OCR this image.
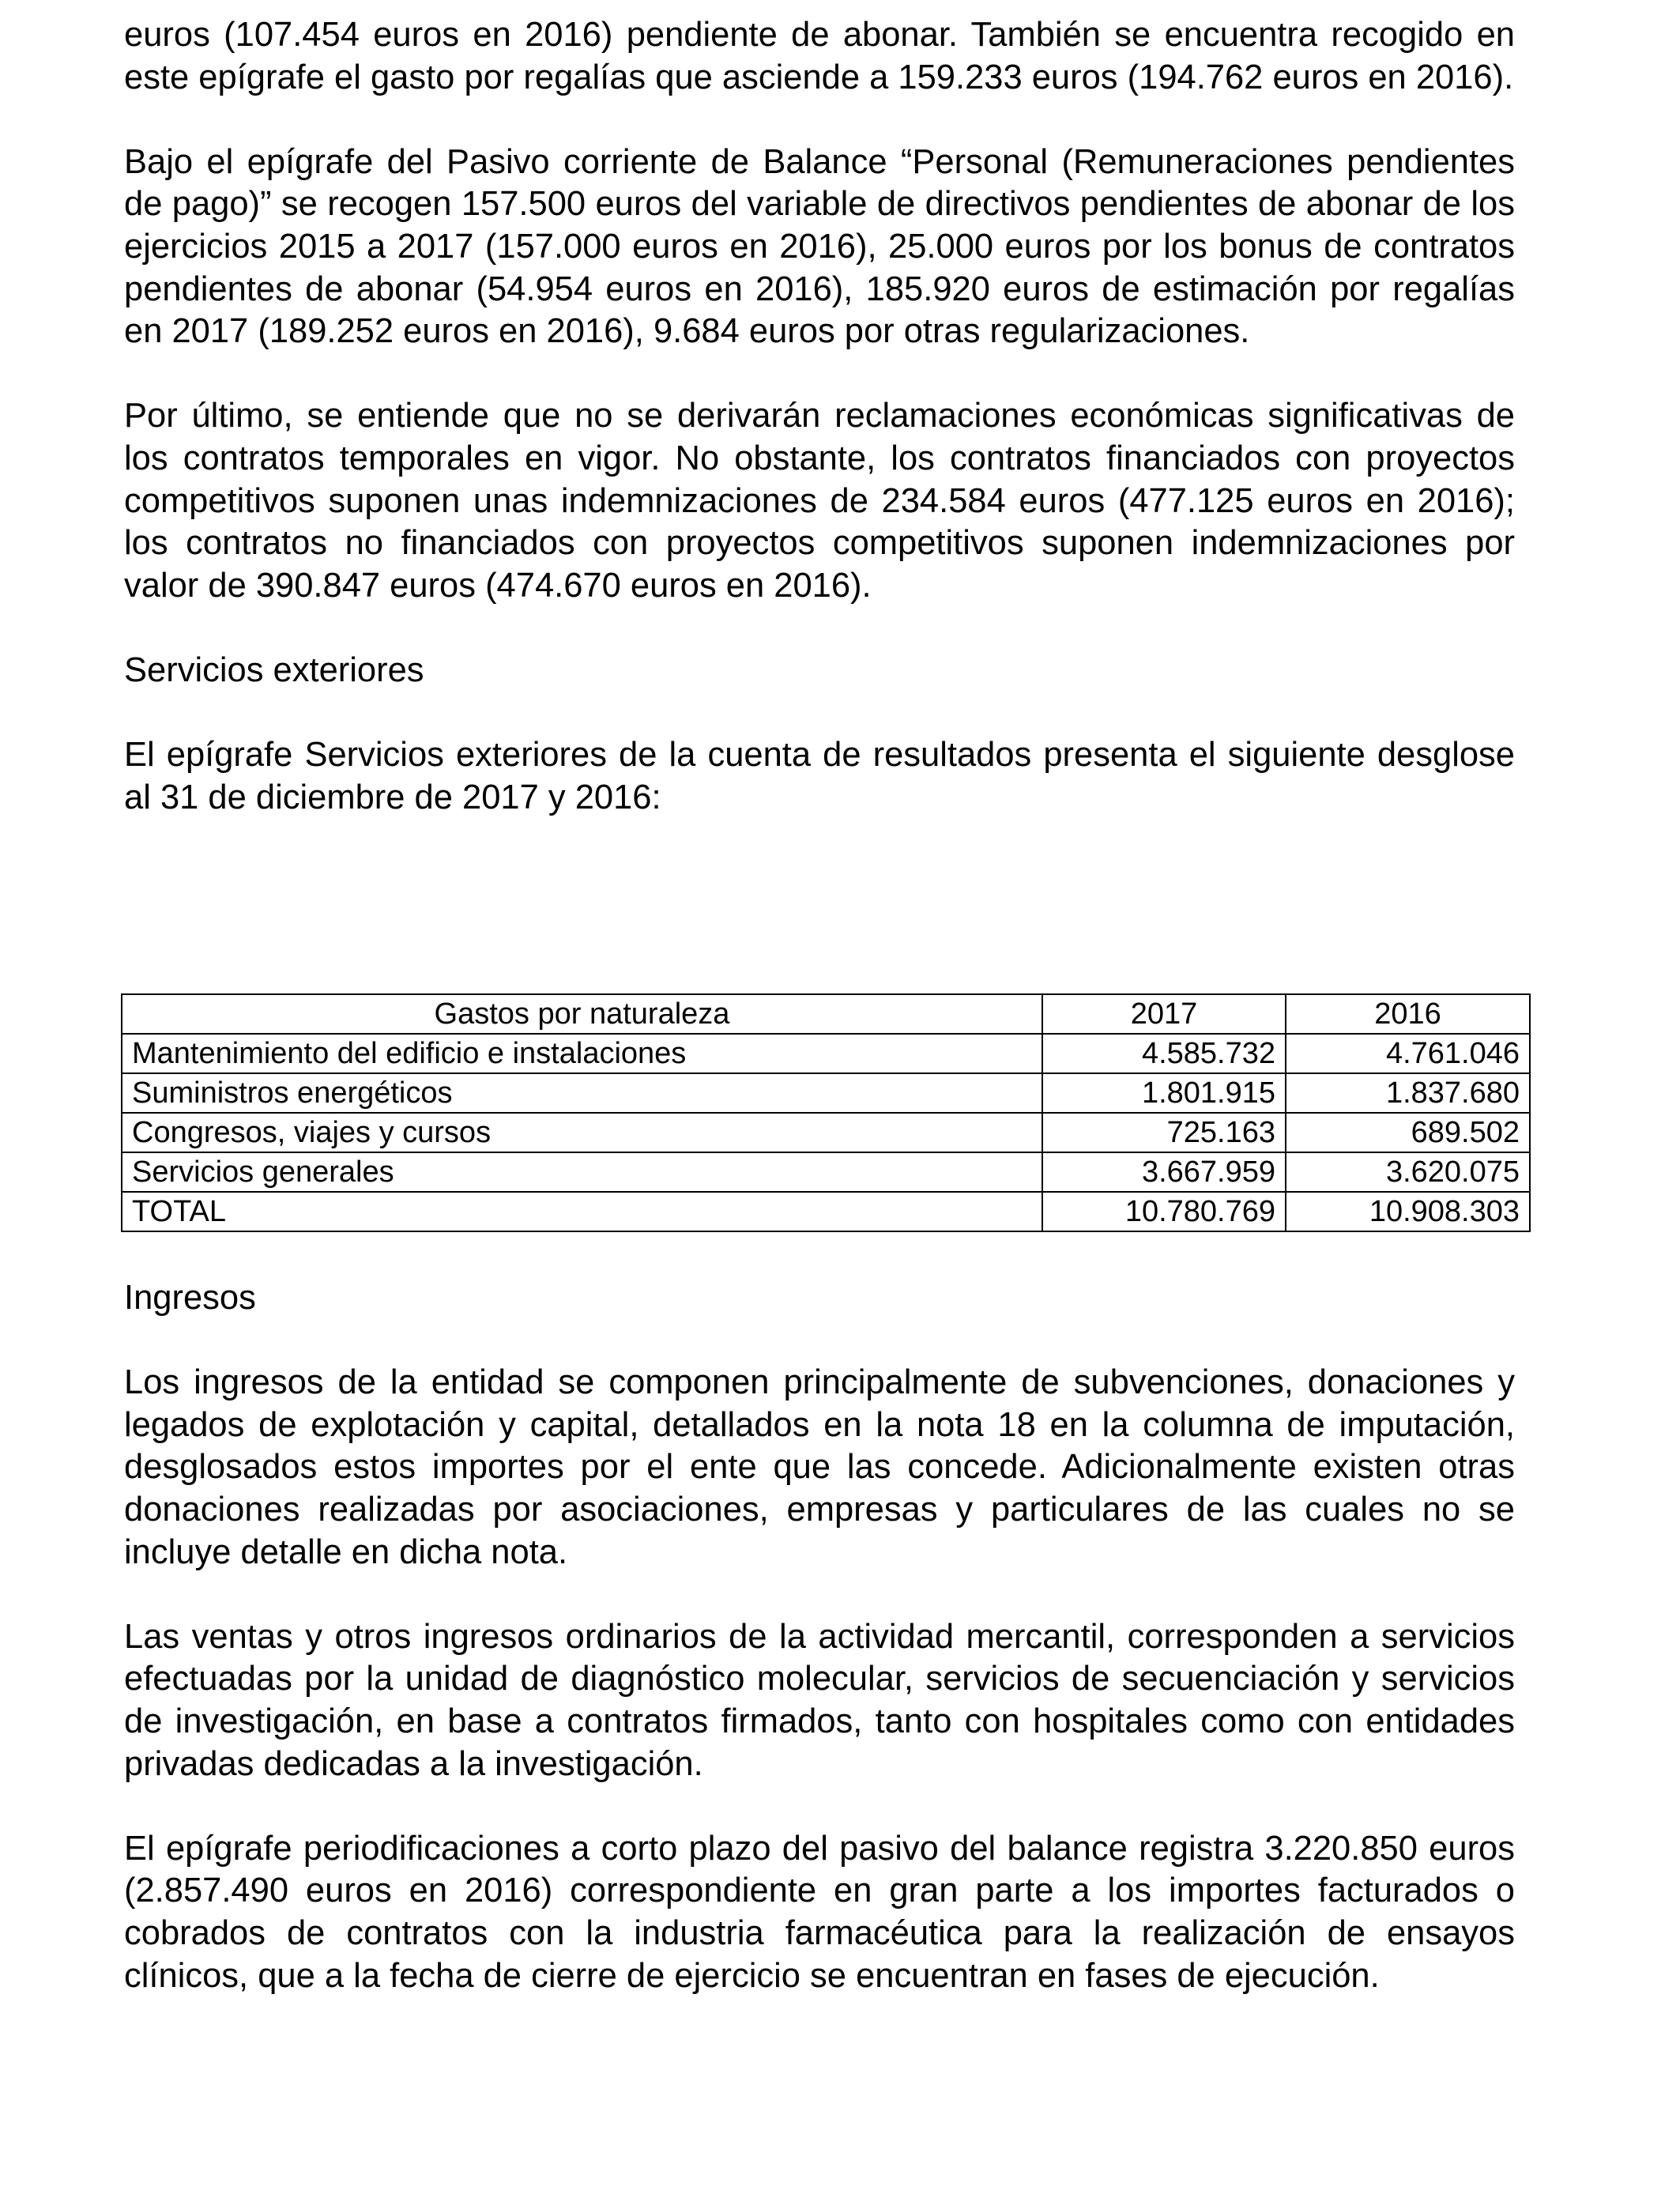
euros (107.454 euros en 2016) pendiente de abonar. También se encuentra recogido en este epígrafe el gasto por regalías que asciende a 159.233 euros (194.762 euros en 2016).

Bajo el epígrafe del Pasivo corriente de Balance “Personal (Remuneraciones pendientes de pago)” se recogen 157.500 euros del variable de directivos pendientes de abonar de los ejercicios 2015 a 2017 (157.000 euros en 2016), 25.000 euros por los bonus de contratos pendientes de abonar (54.954 euros en 2016), 185.920 euros de estimación por regalías en 2017 (189.252 euros en 2016), 9.684 euros por otras regularizaciones.

Por último, se entiende que no se derivarán reclamaciones económicas significativas de los contratos temporales en vigor. No obstante, los contratos financiados con proyectos competitivos suponen unas indemnizaciones de 234.584 euros (477.125 euros en 2016); los contratos no financiados con proyectos competitivos suponen indemnizaciones por valor de 390.847 euros (474.670 euros en 2016).

Servicios exteriores

El epígrafe Servicios exteriores de la cuenta de resultados presenta el siguiente desglose al 31 de diciembre de 2017 y 2016:

Gastos por naturaleza	2017	2016
Mantenimiento del edificio e instalaciones	4.585.732	4.761.046
Suministros energéticos	1.801.915	1.837.680
Congresos, viajes y cursos	725.163	689.502
Servicios generales	3.667.959	3.620.075
TOTAL	10.780.769	10.908.303

Ingresos

Los ingresos de la entidad se componen principalmente de subvenciones, donaciones y legados de explotación y capital, detallados en la nota 18 en la columna de imputación, desglosados estos importes por el ente que las concede. Adicionalmente existen otras donaciones realizadas por asociaciones, empresas y particulares de las cuales no se incluye detalle en dicha nota.

Las ventas y otros ingresos ordinarios de la actividad mercantil, corresponden a servicios efectuadas por la unidad de diagnóstico molecular, servicios de secuenciación y servicios de investigación, en base a contratos firmados, tanto con hospitales como con entidades privadas dedicadas a la investigación.

El epígrafe periodificaciones a corto plazo del pasivo del balance registra 3.220.850 euros (2.857.490 euros en 2016) correspondiente en gran parte a los importes facturados o cobrados de contratos con la industria farmacéutica para la realización de ensayos clínicos, que a la fecha de cierre de ejercicio se encuentran en fases de ejecución.
